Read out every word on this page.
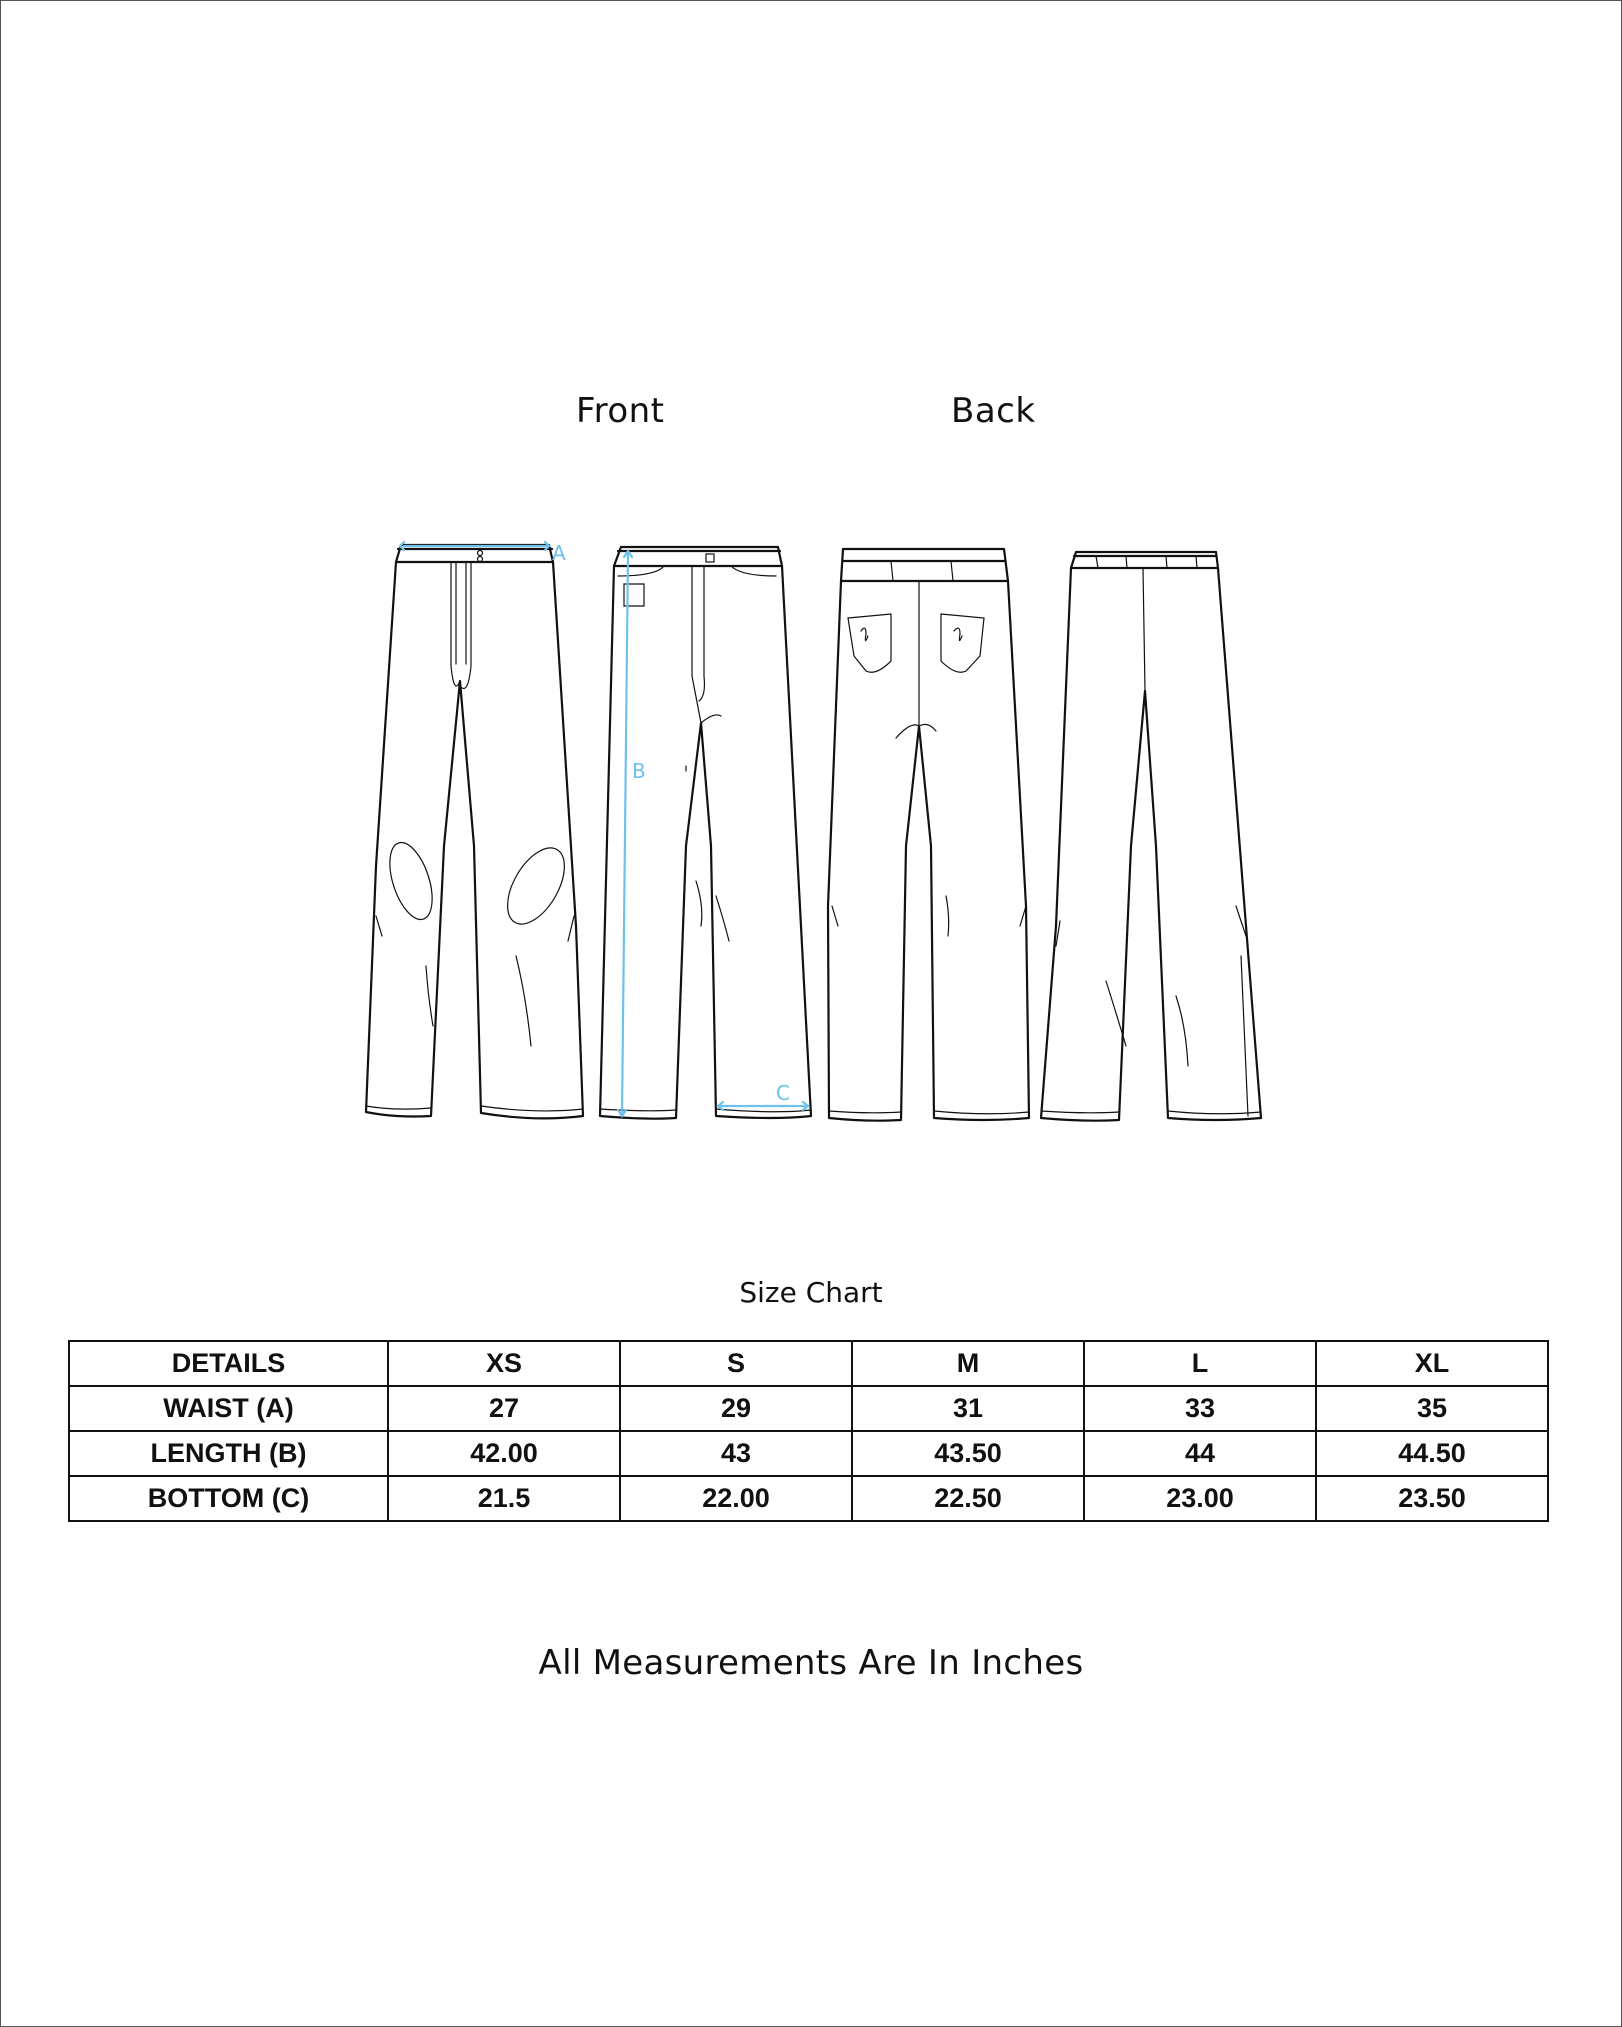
Front	Back
A
B
C
Size Chart
DETAILS	XS	S	M	L	XL
WAIST (A)	27	29	31	33	35
LENGTH (B)	42.00	43	43.50	44	44.50
BOTTOM (C)	21.5	22.00	22.50	23.00	23.50
All Measurements Are In Inches
